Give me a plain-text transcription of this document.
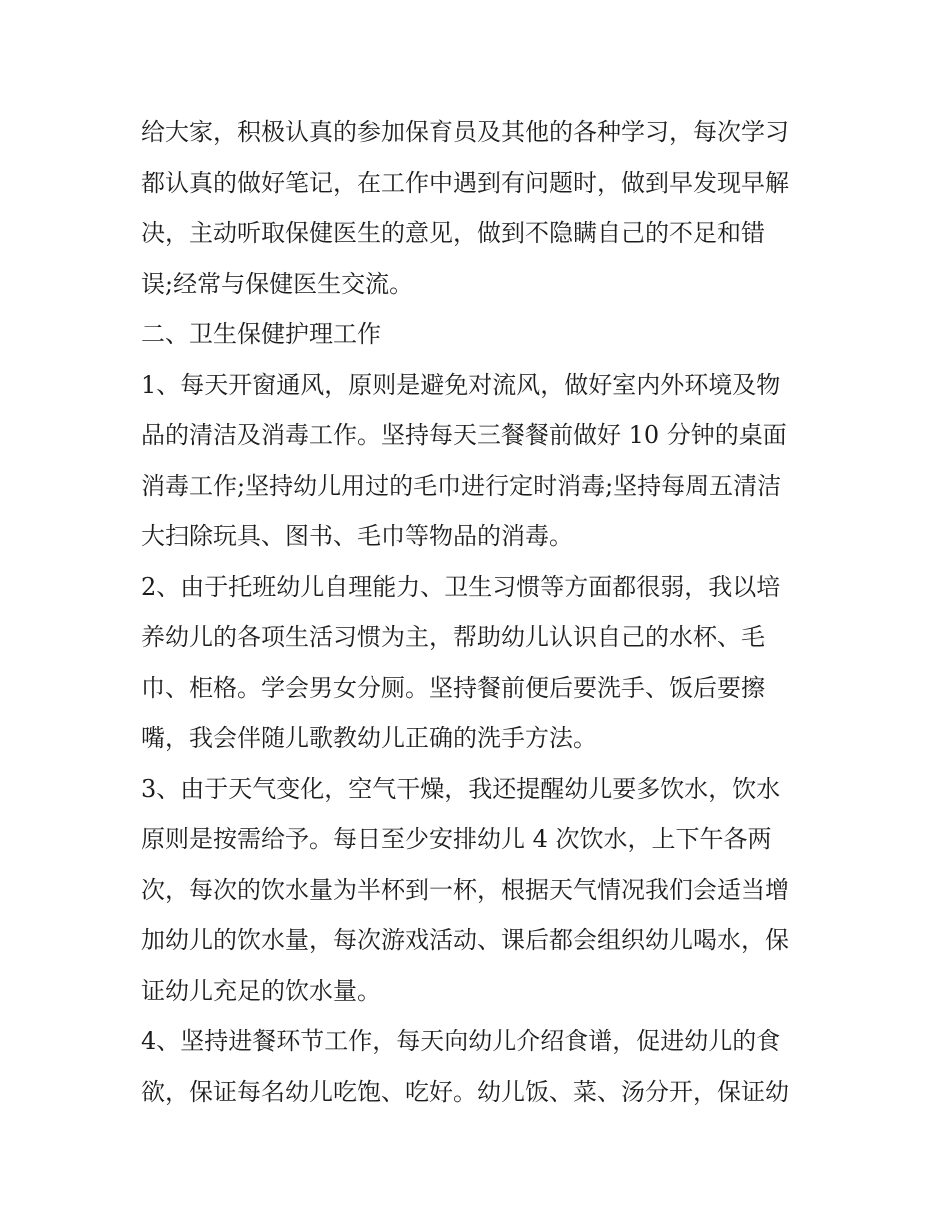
给大家，积极认真的参加保育员及其他的各种学习，每次学习
都认真的做好笔记，在工作中遇到有问题时，做到早发现早解
决，主动听取保健医生的意见，做到不隐瞒自己的不足和错
误;经常与保健医生交流。
二、卫生保健护理工作
1、每天开窗通风，原则是避免对流风，做好室内外环境及物
品的清洁及消毒工作。坚持每天三餐餐前做好 10 分钟的桌面
消毒工作;坚持幼儿用过的毛巾进行定时消毒;坚持每周五清洁
大扫除玩具、图书、毛巾等物品的消毒。
2、由于托班幼儿自理能力、卫生习惯等方面都很弱，我以培
养幼儿的各项生活习惯为主，帮助幼儿认识自己的水杯、毛
巾、柜格。学会男女分厕。坚持餐前便后要洗手、饭后要擦
嘴，我会伴随儿歌教幼儿正确的洗手方法。
3、由于天气变化，空气干燥，我还提醒幼儿要多饮水，饮水
原则是按需给予。每日至少安排幼儿 4 次饮水，上下午各两
次，每次的饮水量为半杯到一杯，根据天气情况我们会适当增
加幼儿的饮水量，每次游戏活动、课后都会组织幼儿喝水，保
证幼儿充足的饮水量。
4、坚持进餐环节工作，每天向幼儿介绍食谱，促进幼儿的食
欲，保证每名幼儿吃饱、吃好。幼儿饭、菜、汤分开，保证幼
